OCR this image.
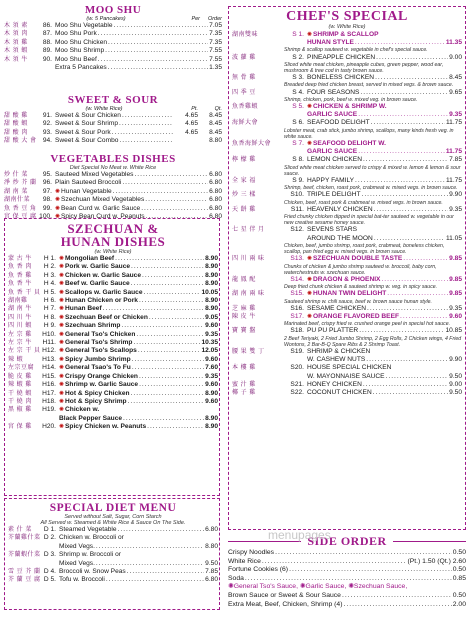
MOO SHU
(w. 5 Pancakes)	Per	Order
木 須 素	86. Moo Shu Vegetable .....	7.05
木 須 肉	87. Moo Shu Pork .....	7.35
木 須 雞	88. Moo Shu Chicken .....	7.35
木 須 蝦	89. Moo Shu Shrimp .....	7.55
木 須 牛	90. Moo Shu Beef .....	7.55
Extra 5 Pancakes .....	1.35
SWEET & SOUR
(w. White Rice)	Pt.	Qt.
甜 酸 雞	91. Sweet & Sour Chicken .....	4.65	8.45
甜 酸 蝦	92. Sweet & Sour Shrimp .....	4.65	8.45
甜 酸 肉	93. Sweet & Sour Pork .....	4.65	8.45
甜 酸 大 會 94. Sweet & Sour Combo .....	8.80
VEGETABLES DISHES
Diet Special No Meat w. White Rice
炒 什 菜	95. Sauteed Mixed Vegetables .....	6.80
淨 炒 芥 蘭 96. Plain Sauteed Broccoli .....	6.80
湖 南 菜	97. ✺ Hunan Vegetable .....	6.80
湖南什菜	98. ✺ Szechuan Mixed Vegetables .....	6.80
魚 香 豆 角 99. ✺ Bean Curd w. Garlic Sauce .....	6.80
宮 保 豆 腐 100. ✺ Spicy Bean Curd w. Peanuts .....	6.80
SZECHUAN &
HUNAN DISHES
(w. White Rice)
蒙 古 牛	H 1. ✺ Mongolian Beef .....	8.90
魚 香 肉	H 2. ✺ Pork w. Garlic Sauce .....	8.90
魚 香 雞	H 3. ✺ Chicken w. Garlic Sauce .....	8.90
魚 香 牛	H 4. ✺ Beef w. Garlic Sauce .....	8.90
魚 香 干 貝 H 5. ✺ Scallops w. Garlic Sauce .....	10.05
湖南雞	H 6. ✺ Hunan Chicken or Pork .....	8.90
湖 南 牛	H 7. ✺ Hunan Beef .....	8.90
四 川 牛	H 8. ✺ Szechuan Beef or Chicken .....	9.05
四 川 蝦	H 9. ✺ Szechuan Shrimp .....	9.60
左 宗 雞	H10. ✺ General Tso's Chicken .....	9.35
左 宗 牛	H11. ✺ General Tso's Shrimp .....	10.35
左 宗 干 貝 H12. ✺ General Tso's Scallops .....	12.05
辣 蝦	H13. ✺ Spicy Jumbo Shrimp .....	9.60
左宗豆腐	H14. ✺ General Tsao's To Fu .....	7.60
脆 皮 雞	H15. ✺ Crispy Orange Chicken .....	9.35
辣 蝦 雞	H16. ✺ Shrimp w. Garlic Sauce .....	9.60
干 燒 蝦	H17. ✺ Hot & Spicy Chicken .....	8.90
干 燒 肉	H18. ✺ Hot & Spicy Shrimp .....	9.60
黑 椒 雞	H19. ✺ Chicken w.
Black Pepper Sauce .....	8.90
宮 保 雞	H20. ✺ Spicy Chicken w. Peanuts .....	8.90
SPECIAL DIET MENU
Served without Salt, Sugar, Corn Starch
All Served w. Steamed & White Rice & Sauce On The Side.
素 什 菜	D 1. Steamed Vegetable .....	6.80
芥蘭雞什菜 D 2. Chicken w. Broccoli or
Mixed Vegs. .....	8.80
芥蘭蝦什菜 D 3. Shrimp w. Broccoli or
Mixed Vegs. .....	9.50
雪 豆 芥 蘭 D 4. Broccoli w. Snow Peas .....	7.85
芥 蘭 豆 腐 D 5. Tofu w. Broccoli .....	6.80
CHEF'S SPECIAL
(w. White Rice)
湖南雙味	S 1. ✺ SHRIMP & SCALLOP
HUNAN STYLE .....	11.35
Shrimp & scallop sauteed w. vegetable in chef's special sauce.
波 蘿 雞	S 2. PINEAPPLE CHICKEN .....	9.00
Sliced white meat chicken, pineapple cubes, green pepper, wood ear, mushroom & tree cod in tasty brown sauce.
無 骨 雞	S 3. BONELESS CHICKEN .....	8.45
Breaded deep fried chicken breast, served in mixed vegs. & brown sauce.
四 季 豆	S 4. FOUR SEASONS .....	9.65
Shrimp, chicken, pork, beef w. mixed veg. in brown sauce.
魚香雞蝦	S 5. ✺ CHICKEN & SHRIMP W.
GARLIC SAUCE .....	9.35
海鮮大會	S 6. SEAFOOD DELIGHT .....	11.75
Lobster meat, crab stick, jumbo shrimp, scallops, many kinds fresh veg. in white sauce.
魚香海鮮大會	S 7. ✺ SEAFOOD DELIGHT W.
GARLIC SAUCE .....	11.75
檸 檬 雞	S 8. LEMON CHICKEN .....	7.85
Sliced white meat chicken served to crispy & mixed w. lemon & lemon & sour sauce.
全 家 福	S 9. HAPPY FAMILY .....	11.75
Shrimp, beef, chicken, roast pork, crabmeat w. mixed vegs. in brown sauce.
炒 三 樣	S10. TRIPLE DELIGHT .....	9.90
Chicken, beef, roast pork & crabmeat w. mixed vegs. in brown sauce.
天 餅 雞	S11. HEAVENLY CHICKEN .....	9.35
Fried chunky chicken dipped in special bat-ter sauteed w. vegetable in our new creative sesame honey sauce.
七 星 伴 月	S12. SEVENS STARS
AROUND THE MOON .....	11.05
Chicken, beef, jumbo shrimp, roast pork, crabmeat, boneless chicken, scallop, pan fried egg w. mixed vegs. in brown sauce.
四 川 兩 味	S13. ✺ SZECHUAN DOUBLE TASTE .....	9.85
Chunks of chicken & jumbo shrimp sauteed w. broccoli, baby corn, waterchestnuts w. szechuan sauce.
龍 鳳 配	S14. ✺ DRAGON & PHOENIX .....	9.85
Deep fried chunk chicken & sauteed shrimp w. veg. in spicy sauce.
湖 南 兩 味	S15. ✺ HUNAN TWIN DELIGHT .....	9.85
Sauteed shrimp w. chili sauce, beef w. brown sauce hunan style.
芝 麻 雞	S16. SESAME CHICKEN .....	9.35
陳 皮 牛	S17. ✺ ORANGE FLAVORED BEEF .....	9.60
Marinated beef, crispy fried w. crushed orange peel in special hot sauce.
寶 寶 盤	S18. PU PU PLATTER .....	10.85
2 Beef Teriyaki, 2 Fried Jumbo Shrimp, 2 Egg Rolls, 2 Chicken wings, 4 Fried Wontons, 2 Bar-B-Q Spare Ribs & 2 Shrimp Toast.
腰 果 雙 丁	S19. SHRIMP & CHICKEN
W. CASHEW NUTS .....	9.90
本 樓 雞	S20. HOUSE SPECIAL CHICKEN
W. MAYONNAISE SAUCE .....	9.50
蜜 汁 雞	S21. HONEY CHICKEN .....	9.00
椰 子 雞	S22. COCONUT CHICKEN .....	9.50
SIDE ORDER
Crispy Noodles .....	0.50
White Rice .....	(Pt.) 1.50 (Qt.) 2.60
Fortune Cookies (6) .....	0.50
Soda .....	0.85
✺General Tso's Sauce, ✺Garlic Sauce, ✺Szechuan Sauce,
Brown Sauce or Sweet & Sour Sauce .....	0.50
Extra Meat, Beef, Chicken, Shrimp (4) .....	2.00
menupages
